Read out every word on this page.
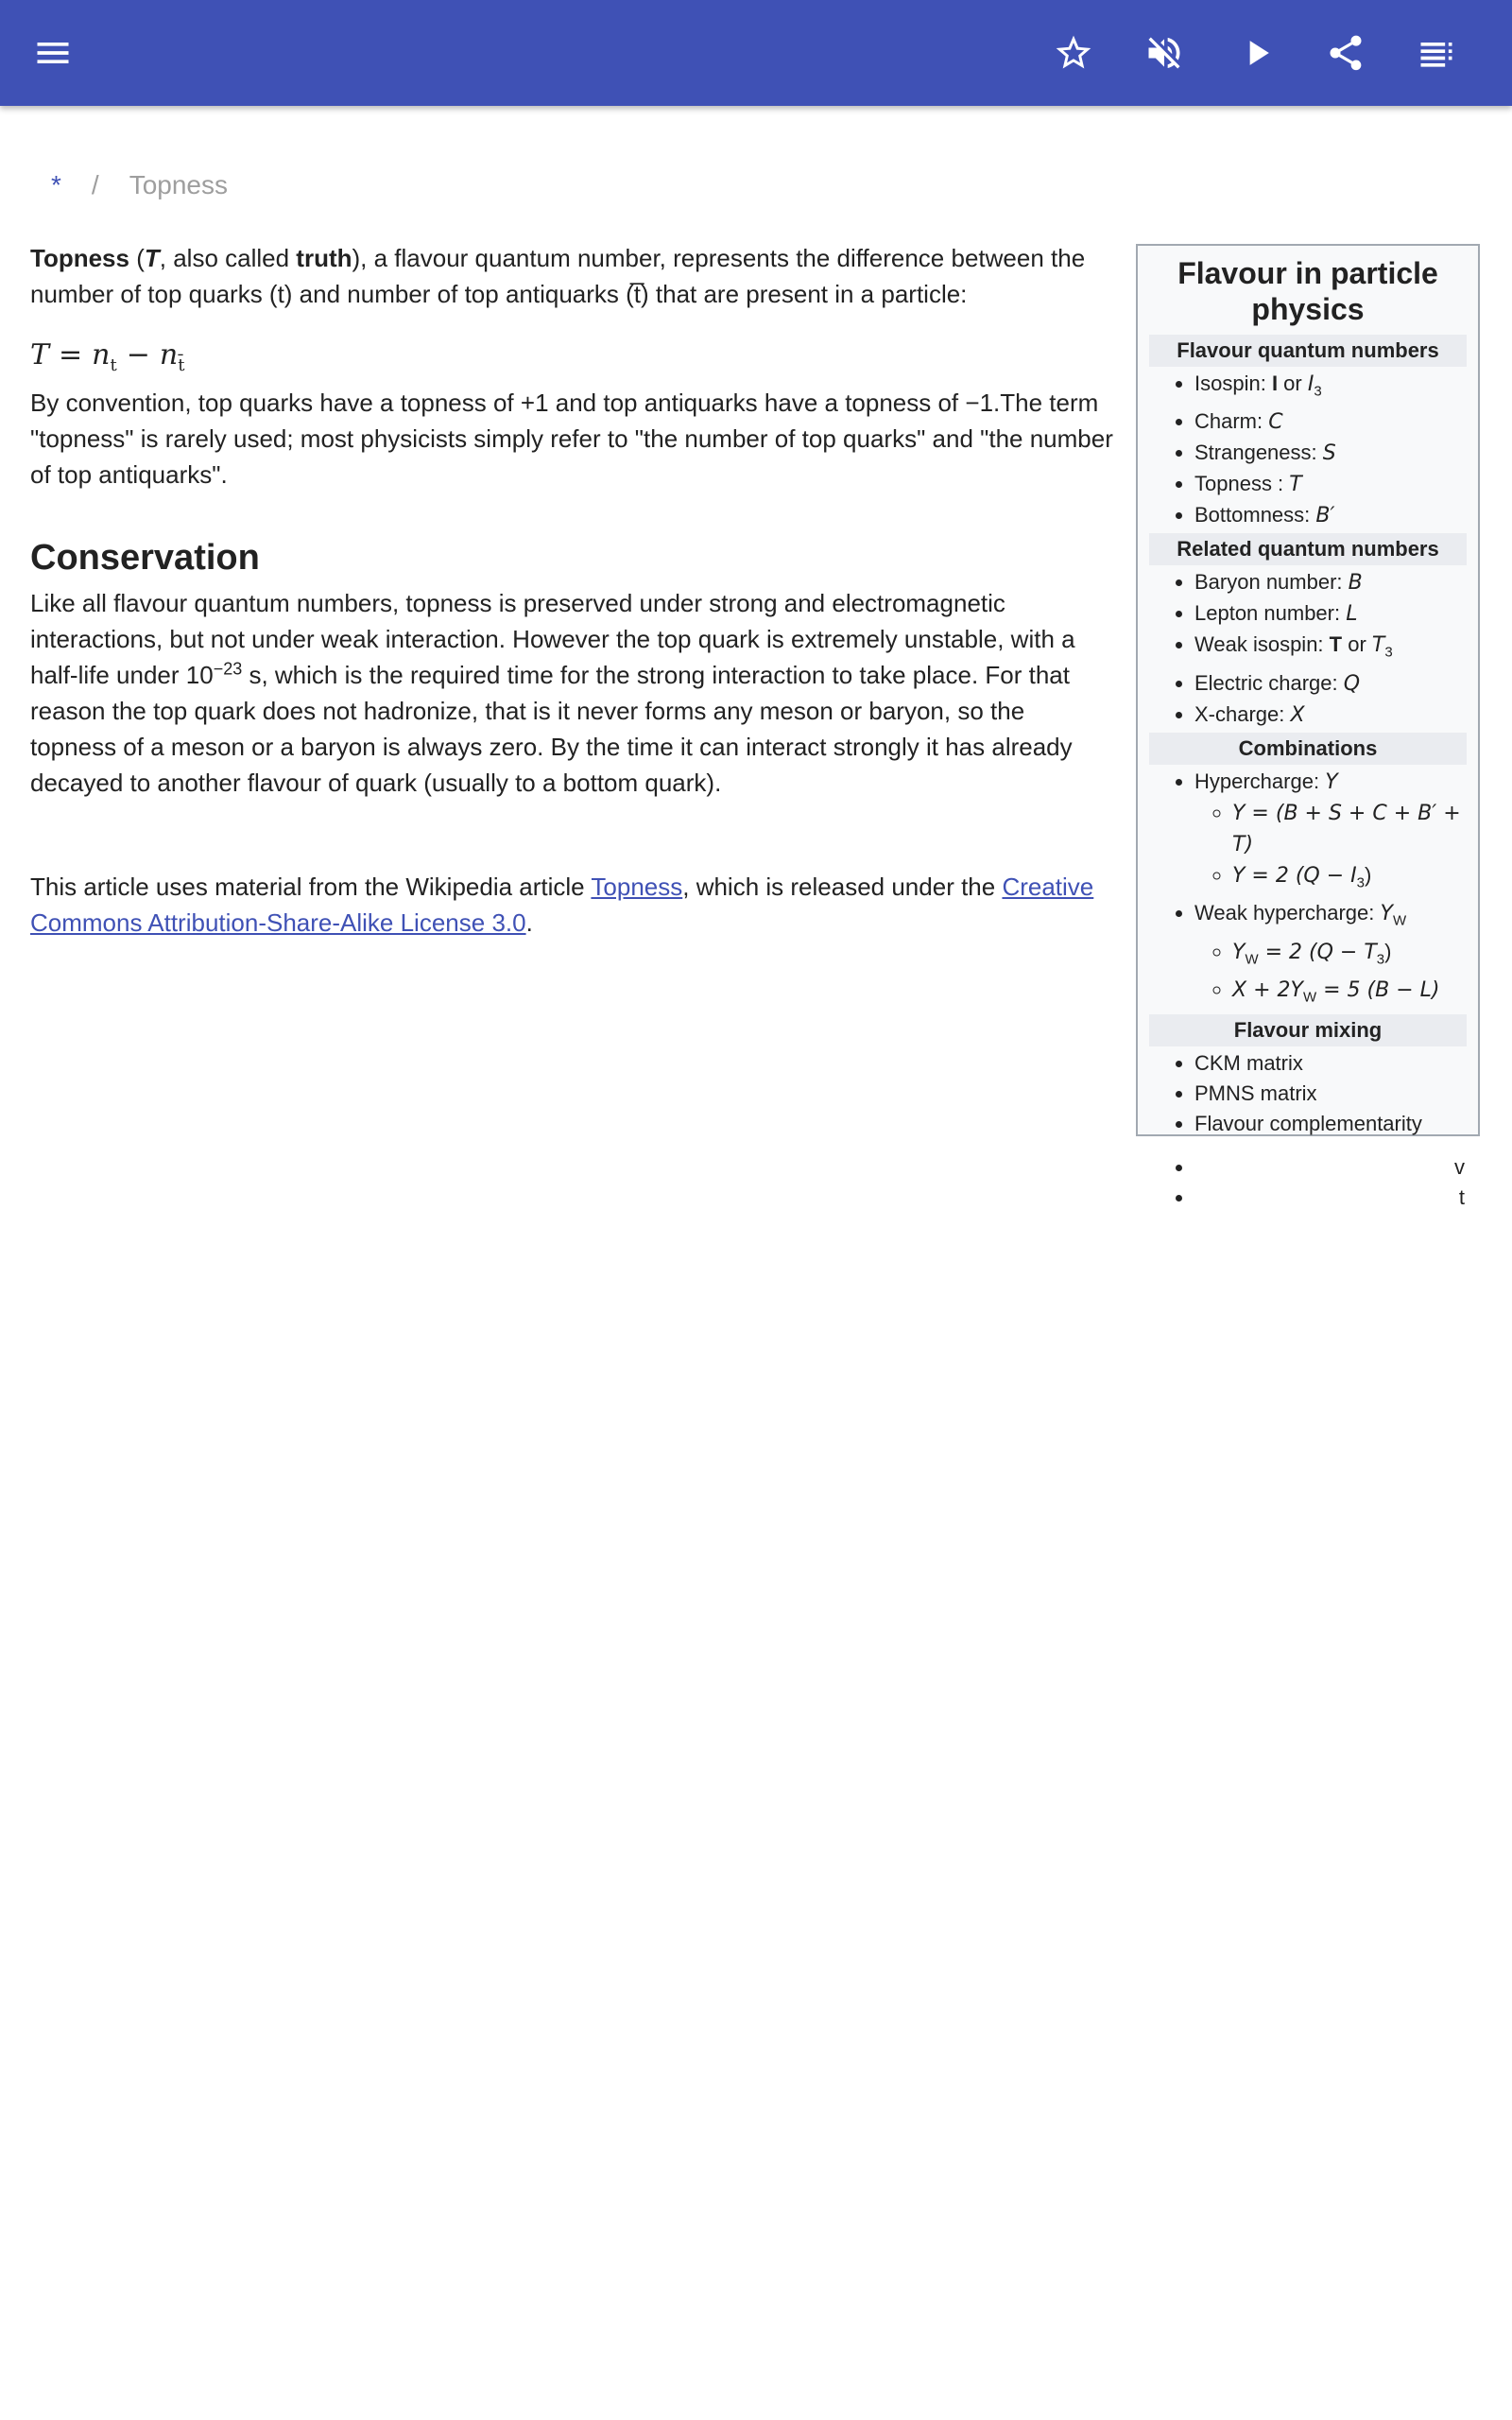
* / Topness

Topness (T, also called truth), a flavour quantum number, represents the difference between the number of top quarks (t) and number of top antiquarks (t̅) that are present in a particle:

$T = n_t - n_{t̄}$

By convention, top quarks have a topness of +1 and top antiquarks have a topness of −1.The term "topness" is rarely used; most physicists simply refer to "the number of top quarks" and "the number of top antiquarks".

Conservation

Like all flavour quantum numbers, topness is preserved under strong and electromagnetic interactions, but not under weak interaction. However the top quark is extremely unstable, with a half-life under $10^{-23}$ s, which is the required time for the strong interaction to take place. For that reason the top quark does not hadronize, that is it never forms any meson or baryon, so the topness of a meson or a baryon is always zero. By the time it can interact strongly it has already decayed to another flavour of quark (usually to a bottom quark).

This article uses material from the Wikipedia article Topness, which is released under the Creative Commons Attribution-Share-Alike License 3.0.

Flavour in particle physics
Flavour quantum numbers
• Isospin: I or $I_3$
• Charm: C
• Strangeness: S
• Topness : T
• Bottomness: B′
Related quantum numbers
• Baryon number: B
• Lepton number: L
• Weak isospin: T or $T_3$
• Electric charge: Q
• X-charge: X
Combinations
• Hypercharge: Y
◦ Y = (B + S + C + B′ + T)
◦ Y = 2 $(Q - I_3)$
• Weak hypercharge: $Y_W$
◦ $Y_W = 2$ $(Q - T_3)$
◦ $X + 2Y_W = 5$ (B − L)
Flavour mixing
• CKM matrix
• PMNS matrix
• Flavour complementarity
• v
• t
